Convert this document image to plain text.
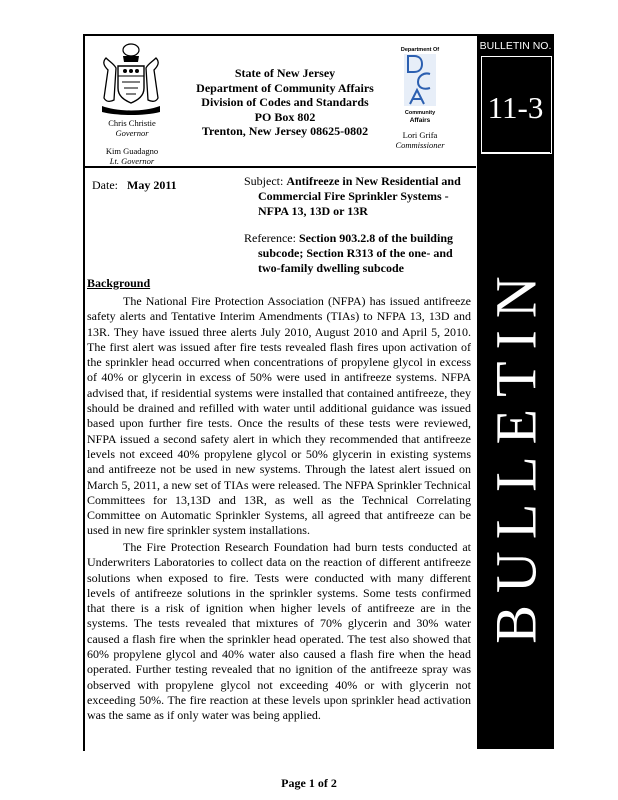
BULLETIN NO.
11-3
BULLETIN
Chris Christie
Governor
Kim Guadagno
Lt. Governor
State of New Jersey
Department of Community Affairs
Division of Codes and Standards
PO Box 802
Trenton, New Jersey 08625-0802
Department Of
Community
Affairs
Lori Grifa
Commissioner
Date: May 2011	Subject: Antifreeze in New Residential and
Commercial Fire Sprinkler Systems -
NFPA 13, 13D or 13R
Reference: Section 903.2.8 of the building
subcode; Section R313 of the one- and
two-family dwelling subcode
Background

The National Fire Protection Association (NFPA) has issued antifreeze safety alerts and Tentative Interim Amendments (TIAs) to NFPA 13, 13D and 13R. They have issued three alerts July 2010, August 2010 and April 5, 2010. The first alert was issued after fire tests revealed flash fires upon activation of the sprinkler head occurred when concentrations of propylene glycol in excess of 40% or glycerin in excess of 50% were used in antifreeze systems. NFPA advised that, if residential systems were installed that contained antifreeze, they should be drained and refilled with water until additional guidance was issued based upon further fire tests. Once the results of these tests were reviewed, NFPA issued a second safety alert in which they recommended that antifreeze levels not exceed 40% propylene glycol or 50% glycerin in existing systems and antifreeze not be used in new systems. Through the latest alert issued on March 5, 2011, a new set of TIAs were released. The NFPA Sprinkler Technical Committees for 13,13D and 13R, as well as the Technical Correlating Committee on Automatic Sprinkler Systems, all agreed that antifreeze can be used in new fire sprinkler system installations.

The Fire Protection Research Foundation had burn tests conducted at Underwriters Laboratories to collect data on the reaction of different antifreeze solutions when exposed to fire. Tests were conducted with many different levels of antifreeze solutions in the sprinkler systems. Some tests confirmed that there is a risk of ignition when higher levels of antifreeze are in the systems. The tests revealed that mixtures of 70% glycerin and 30% water caused a flash fire when the sprinkler head operated. The test also showed that 60% propylene glycol and 40% water also caused a flash fire when the head operated. Further testing revealed that no ignition of the antifreeze spray was observed with propylene glycol not exceeding 40% or with glycerin not exceeding 50%. The fire reaction at these levels upon sprinkler head activation was the same as if only water was being applied.

Page 1 of 2
